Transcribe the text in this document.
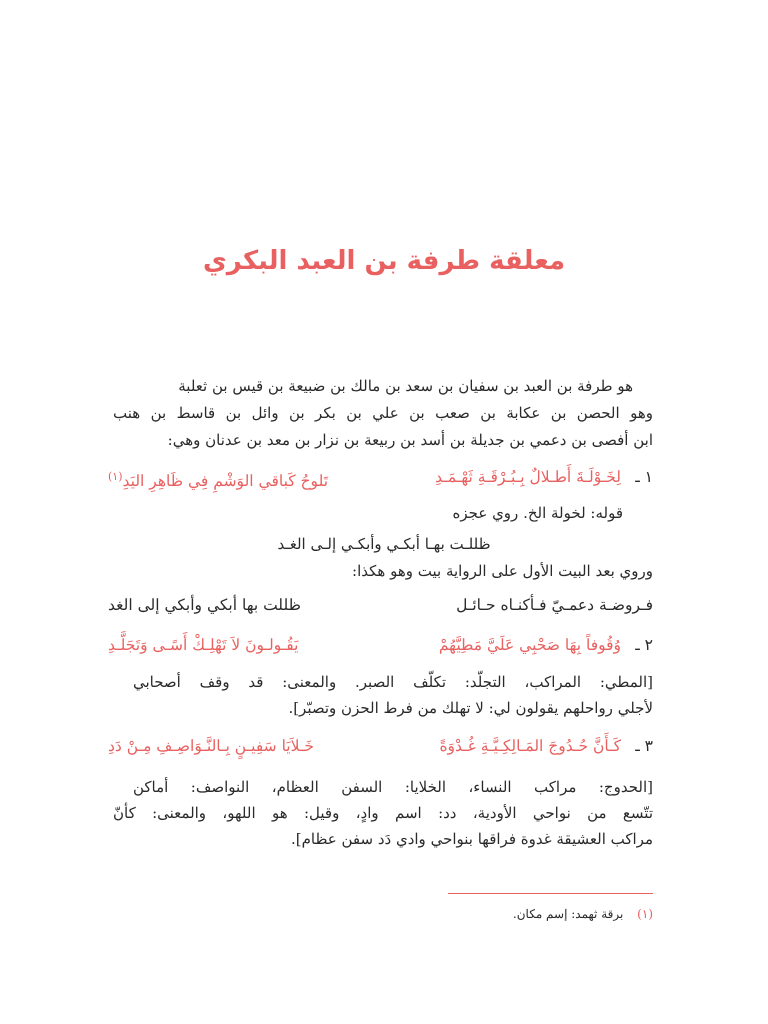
معلقة طرفة بن العبد البكري
هو طرفة بن العبد بن سفيان بن سعد بن مالك بن ضبيعة بن قيس بن ثعلبة
وهو الحصن بن عكابة بن صعب بن علي بن بكر بن وائل بن قاسط بن هنب
ابن أفصى بن دعمي بن جديلة بن أسد بن ربيعة بن نزار بن معد بن عدنان وهي:
١ ـ
لِخَـوْلَـةَ أَطـلالٌ بِـبُـرْقَـةِ ثَهْـمَـدِ
تَلوحُ كَباقي الوَشْمِ فِي ظَاهِرِ اليَدِ$^{(١)}$
قوله: لخولة الخ. روي عجزه
ظللـت بهـا أبكـي وأبكـي إلـى الغـد
وروي بعد البيت الأول على الرواية بيت وهو هكذا:
فـروضـة دعمـيّ فـأكنـاه حـائـل
ظللت بها أبكي وأبكي إلى الغد
٢ ـ
وُقُوفاً بِهَا صَحْبِي عَلَيَّ مَطِيَّهُمْ
يَقُـولـونَ لاَ تَهْلِـكْ أَسًـى وَتَجَلَّـدِ
[المطي: المراكب، التجلّد: تكلّف الصبر. والمعنى: قد وقف أصحابي
لأجلي رواحلهم يقولون لي: لا تهلك من فرط الحزن وتصبّر].
٣ ـ
كَـأَنَّ حُـدُوجَ المَـالِكِـيَّـةِ غُـدْوَةً
خَـلاَيَا سَفِيـنٍ بِـالنَّـوَاصِـفِ مِـنْ دَدِ
[الحدوج: مراكب النساء، الخلايا: السفن العظام، النواصف: أماكن
تتّسع من نواحي الأودية، دد: اسم وادٍ، وقيل: هو اللهو، والمعنى: كأنّ
مراكب العشيقة غدوة فراقها بنواحي وادي دَد سفن عظام].
(١) برقة ثهمد: إسم مكان.
